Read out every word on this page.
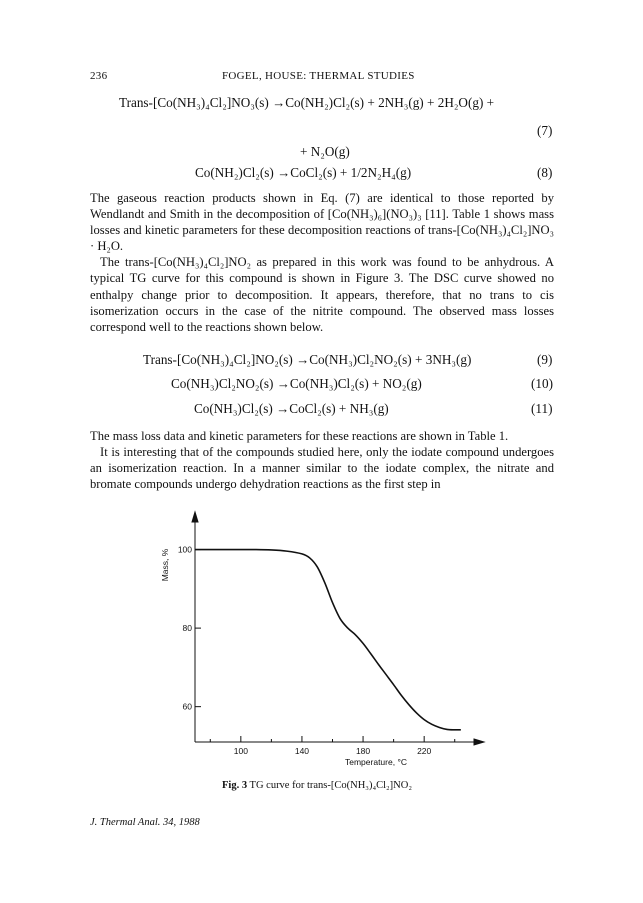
236	FOGEL, HOUSE: THERMAL STUDIES
Trans-[Co(NH₃)₄Cl₂]NO₃(s) →Co(NH₂)Cl₂(s) + 2NH₃(g) + 2H₂O(g) +
(7)
+ N₂O(g)
Co(NH₂)Cl₂(s) →CoCl₂(s) + 1/2N₂H₄(g)	(8)

The gaseous reaction products shown in Eq. (7) are identical to those reported by Wendlandt and Smith in the decomposition of [Co(NH₃)₆](NO₃)₃ [11]. Table 1 shows mass losses and kinetic parameters for these decomposition reactions of trans-[Co(NH₃)₄Cl₂]NO₃ · H₂O.

The trans-[Co(NH₃)₄Cl₂]NO₂ as prepared in this work was found to be anhydrous. A typical TG curve for this compound is shown in Figure 3. The DSC curve showed no enthalpy change prior to decomposition. It appears, therefore, that no trans to cis isomerization occurs in the case of the nitrite compound. The observed mass losses correspond well to the reactions shown below.

Trans-[Co(NH₃)₄Cl₂]NO₂(s) →Co(NH₃)Cl₂NO₂(s) + 3NH₃(g)	(9)
Co(NH₃)Cl₂NO₂(s) →Co(NH₃)Cl₂(s) + NO₂(g)	(10)
Co(NH₃)Cl₂(s) →CoCl₂(s) + NH₃(g)	(11)

The mass loss data and kinetic parameters for these reactions are shown in Table 1.

It is interesting that of the compounds studied here, only the iodate compound undergoes an isomerization reaction. In a manner similar to the iodate complex, the nitrate and bromate compounds undergo dehydration reactions as the first step in

100	140	180	220
60
80
100
Mass, %
Temperature, °C
Fig. 3 TG curve for trans-[Co(NH₃)₄Cl₂]NO₂
J. Thermal Anal. 34, 1988
